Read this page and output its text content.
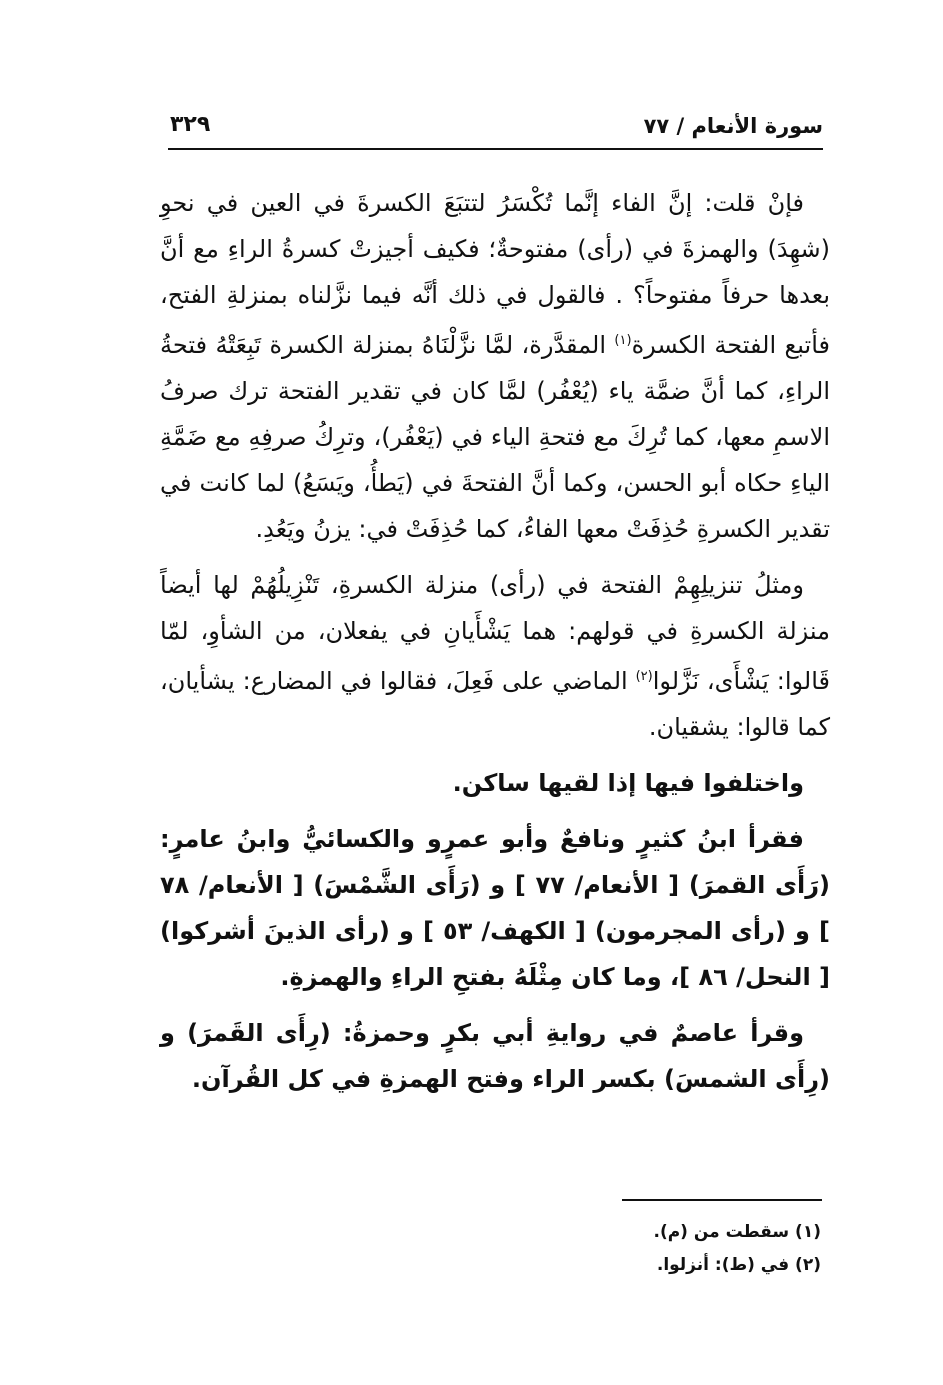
سورة الأنعام / ٧٧
٣٢٩

فإنْ قلت: إنَّ الفاء إنَّما تُكْسَرُ لتتبَعَ الكسرةَ في العين في نحوِ (شهِدَ) والهمزةَ في (رأى) مفتوحةٌ؛ فكيف أجيزتْ كسرةُ الراءِ مع أنَّ بعدها حرفاً مفتوحاً؟ . فالقول في ذلك أنَّه فيما نزَّلناه بمنزلةِ الفتح، فأتبع الفتحة الكسرة$^{(١)}$ المقدَّرة، لمَّا نزَّلْنَاهُ بمنزلة الكسرة تَبِعَتْهُ فتحةُ الراءِ، كما أنَّ ضمَّة ياء (يُعْفُر) لمَّا كان في تقدير الفتحة ترك صرفُ الاسمِ معها، كما تُرِكَ مع فتحةِ الياء في (يَعْفُر)، وترِكُ صرفِهِ مع ضَمَّةِ الياءِ حكاه أبو الحسن، وكما أنَّ الفتحةَ في (يَطأُ، ويَسَعُ) لما كانت في تقدير الكسرةِ حُذِفَتْ معها الفاءُ، كما حُذِفَتْ في: يزنُ ويَعُدِ.

ومثلُ تنزيلِهِمْ الفتحة في (رأى) منزلة الكسرةِ، تَنْزِيلُهُمْ لها أيضاً منزلة الكسرةِ في قولهم: هما يَشْأَيانِ في يفعلان، من الشأوِ، لمّا قَالوا: يَشْأَى، نَزَّلوا$^{(٢)}$ الماضي على فَعِلَ، فقالوا في المضارع: يشأيان، كما قالوا: يشقيان.

واختلفوا فيها إذا لقيها ساكن.

فقرأ ابنُ كثيرٍ ونافعٌ وأبو عمرٍو والكسائيُّ وابنُ عامرٍ: (رَأَى القمرَ) [ الأنعام/ ٧٧ ] و (رَأَى الشَّمْسَ) [ الأنعام/ ٧٨ ] و (رأى المجرمون) [ الكهف/ ٥٣ ] و (رأى الذينَ أشركوا) [ النحل/ ٨٦ ]، وما كان مِثْلَهُ بفتحِ الراءِ والهمزةِ.

وقرأ عاصمٌ في روايةِ أبي بكرٍ وحمزةُ: (رِأَى القَمرَ) و (رِأَى الشمسَ) بكسر الراء وفتح الهمزةِ في كل القُرآن.

(١) سقطت من (م).
(٢) في (ط): أنزلوا.
